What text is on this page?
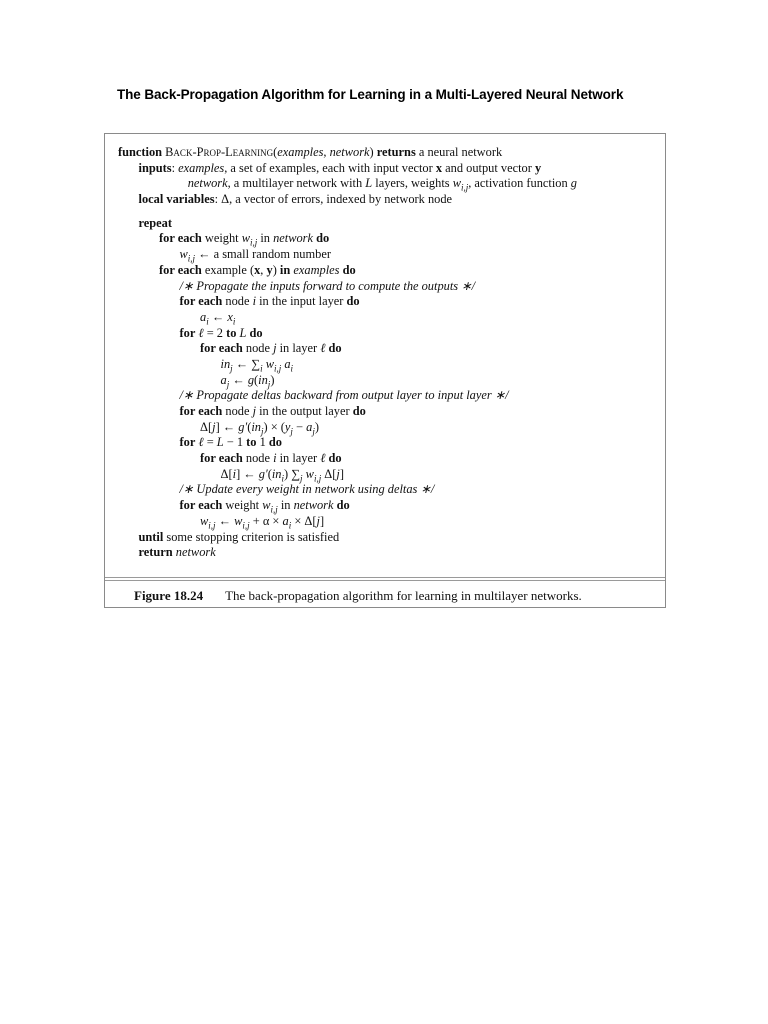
The Back-Propagation Algorithm for Learning in a Multi-Layered Neural Network
function Back-Prop-Learning(examples, network) returns a neural network
inputs: examples, a set of examples, each with input vector x and output vector y
network, a multilayer network with L layers, weights $w_{i,j}$, activation function g
local variables: Δ, a vector of errors, indexed by network node
repeat
for each weight $w_{i,j}$ in network do
$w_{i,j}$ ← a small random number
for each example (x, y) in examples do
/∗ Propagate the inputs forward to compute the outputs ∗/
for each node i in the input layer do
$a_i$ ← $x_i$
for ℓ = 2 to L do
for each node j in layer ℓ do
$in_j$ ← $\sum_i$ $w_{i,j}$ $a_i$
$a_j$ ← $g(in_j)$
/∗ Propagate deltas backward from output layer to input layer ∗/
for each node j in the output layer do
Δ[j] ← $g'(in_j) \times (y_j - a_j)$
for ℓ = L − 1 to 1 do
for each node i in layer ℓ do
Δ[i] ← $g'(in_i)$ $\sum_j$ $w_{i,j}$ Δ[j]
/∗ Update every weight in network using deltas ∗/
for each weight $w_{i,j}$ in network do
$w_{i,j}$ ← $w_{i,j} + \alpha \times a_i \times \Delta[j]$
until some stopping criterion is satisfied
return network
Figure 18.24 The back-propagation algorithm for learning in multilayer networks.
